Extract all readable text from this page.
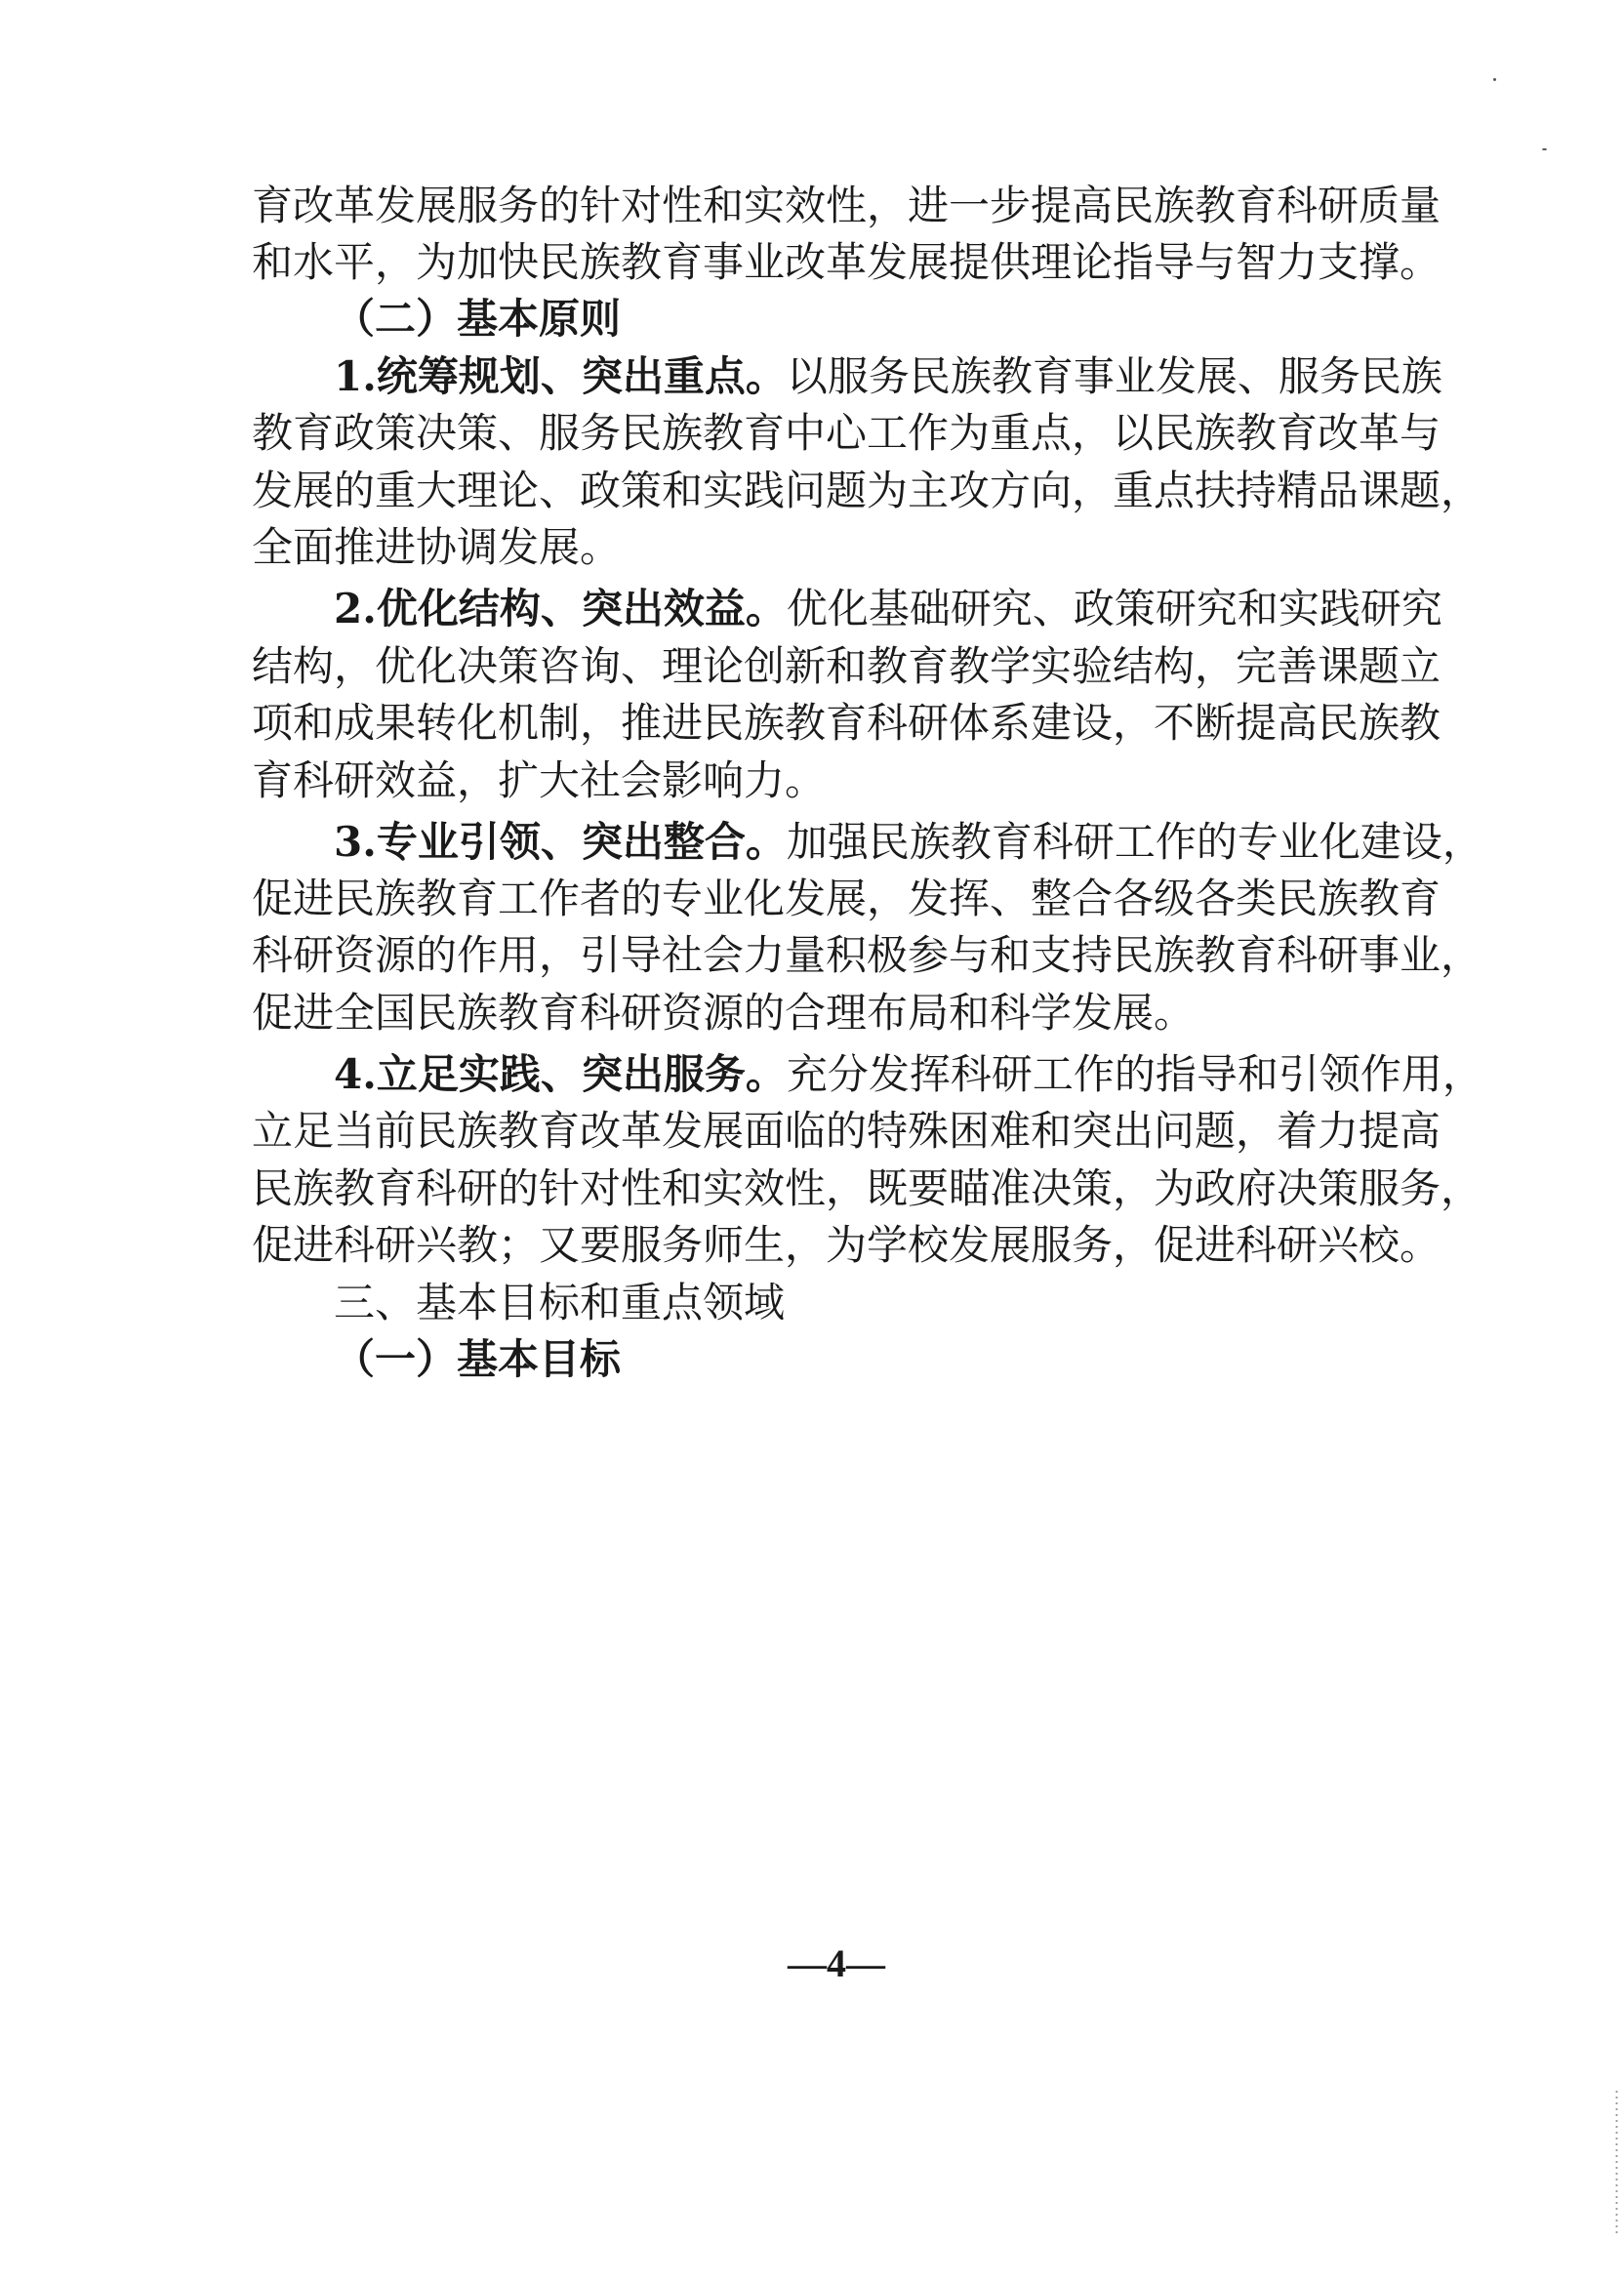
育改革发展服务的针对性和实效性，进一步提高民族教育科研质量
和水平，为加快民族教育事业改革发展提供理论指导与智力支撑。
（二）基本原则
1.统筹规划、突出重点。以服务民族教育事业发展、服务民族
教育政策决策、服务民族教育中心工作为重点，以民族教育改革与
发展的重大理论、政策和实践问题为主攻方向，重点扶持精品课题，
全面推进协调发展。
2.优化结构、突出效益。优化基础研究、政策研究和实践研究
结构，优化决策咨询、理论创新和教育教学实验结构，完善课题立
项和成果转化机制，推进民族教育科研体系建设，不断提高民族教
育科研效益，扩大社会影响力。
3.专业引领、突出整合。加强民族教育科研工作的专业化建设，
促进民族教育工作者的专业化发展，发挥、整合各级各类民族教育
科研资源的作用，引导社会力量积极参与和支持民族教育科研事业，
促进全国民族教育科研资源的合理布局和科学发展。
4.立足实践、突出服务。充分发挥科研工作的指导和引领作用，
立足当前民族教育改革发展面临的特殊困难和突出问题，着力提高
民族教育科研的针对性和实效性，既要瞄准决策，为政府决策服务，
促进科研兴教；又要服务师生，为学校发展服务，促进科研兴校。
三、基本目标和重点领域
（一）基本目标
—4—
